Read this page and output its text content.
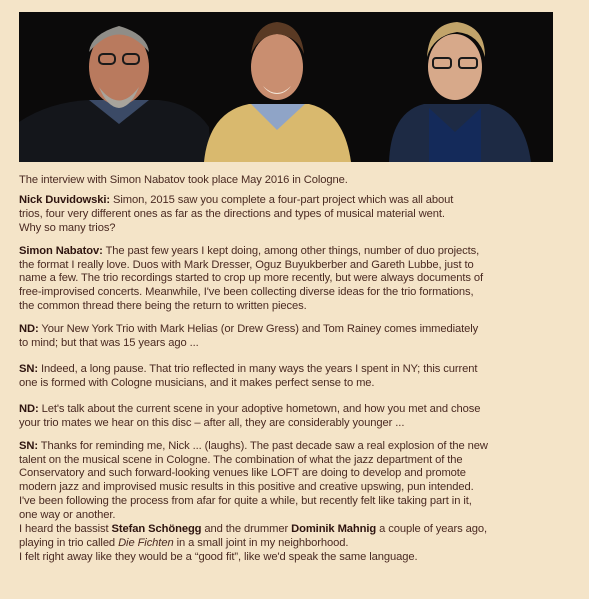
The interview with Simon Nabatov took place May 2016 in Cologne.
Nick Duvidowski: Simon, 2015 saw you complete a four-part project which was all about
trios, four very different ones as far as the directions and types of musical material went.
Why so many trios?
Simon Nabatov: The past few years I kept doing, among other things, number of duo projects,
the format I really love. Duos with Mark Dresser, Oguz Buyukberber and Gareth Lubbe, just to
name a few. The trio recordings started to crop up more recently, but were always documents of
free-improvised concerts. Meanwhile, I've been collecting diverse ideas for the trio formations,
the common thread there being the return to written pieces.
ND: Your New York Trio with Mark Helias (or Drew Gress) and Tom Rainey comes immediately
to mind; but that was 15 years ago ...
SN: Indeed, a long pause. That trio reflected in many ways the years I spent in NY; this current
one is formed with Cologne musicians, and it makes perfect sense to me.
ND: Let's talk about the current scene in your adoptive hometown, and how you met and chose
your trio mates we hear on this disc – after all, they are considerably younger ...
SN: Thanks for reminding me, Nick ... (laughs). The past decade saw a real explosion of the new
talent on the musical scene in Cologne. The combination of what the jazz department of the
Conservatory and such forward-looking venues like LOFT are doing to develop and promote
modern jazz and improvised music results in this positive and creative upswing, pun intended.
I've been following the process from afar for quite a while, but recently felt like taking part in it,
one way or another.
I heard the bassist Stefan Schönegg and the drummer Dominik Mahnig a couple of years ago,
playing in trio called Die Fichten in a small joint in my neighborhood.
I felt right away like they would be a “good fit”, like we'd speak the same language.
